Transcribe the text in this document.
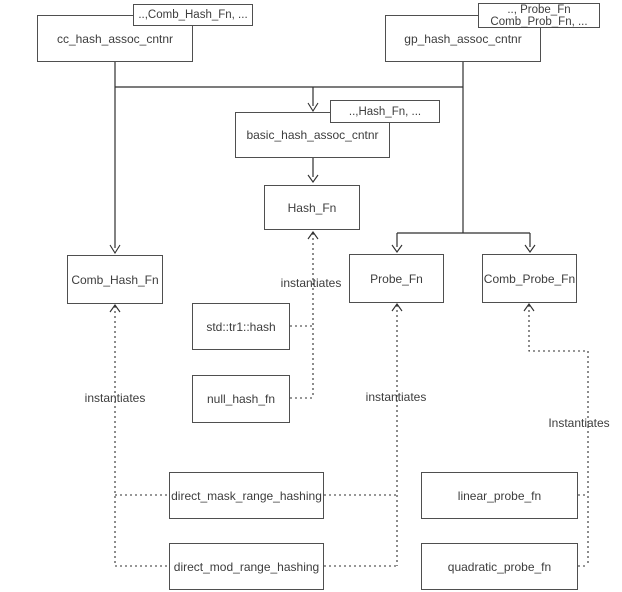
cc_hash_assoc_cntnr	gp_hash_assoc_cntnr
basic_hash_assoc_cntnr
Hash_Fn
Comb_Hash_Fn	Probe_Fn	Comb_Probe_Fn
std::tr1::hash
null_hash_fn
direct_mask_range_hashing
direct_mod_range_hashing
linear_probe_fn
quadratic_probe_fn
..,Comb_Hash_Fn, ...	.., Probe_Fn
Comb_Prob_Fn, ...
..,Hash_Fn, ...
instantiates
instantiates	instantiates
Instantiates
